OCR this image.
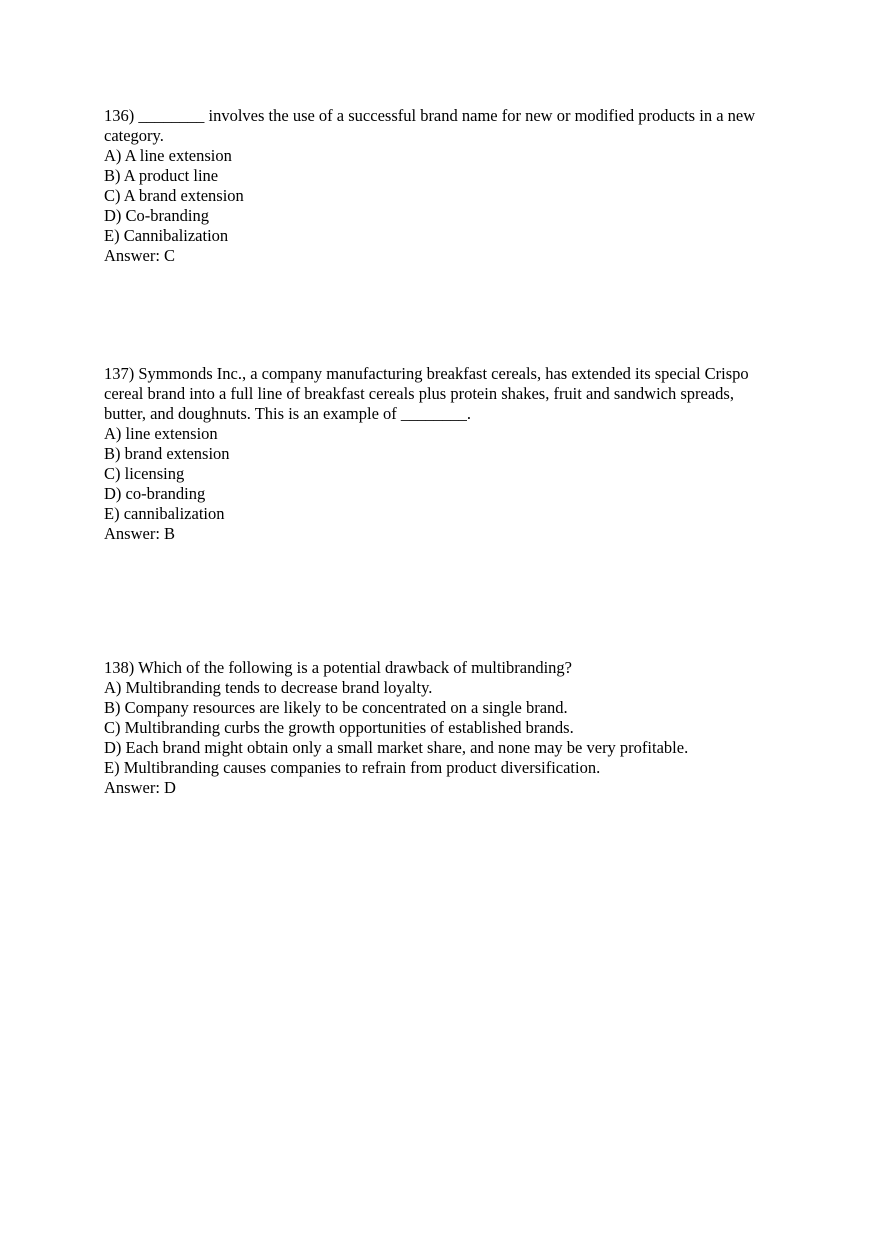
136) ________ involves the use of a successful brand name for new or modified products in a new category.

A) A line extension
B) A product line
C) A brand extension
D) Co-branding
E) Cannibalization

Answer: C

137) Symmonds Inc., a company manufacturing breakfast cereals, has extended its special Crispo cereal brand into a full line of breakfast cereals plus protein shakes, fruit and sandwich spreads, butter, and doughnuts. This is an example of ________.

A) line extension
B) brand extension
C) licensing
D) co-branding
E) cannibalization

Answer: B

138) Which of the following is a potential drawback of multibranding?

A) Multibranding tends to decrease brand loyalty.
B) Company resources are likely to be concentrated on a single brand.
C) Multibranding curbs the growth opportunities of established brands.
D) Each brand might obtain only a small market share, and none may be very profitable.
E) Multibranding causes companies to refrain from product diversification.

Answer: D
